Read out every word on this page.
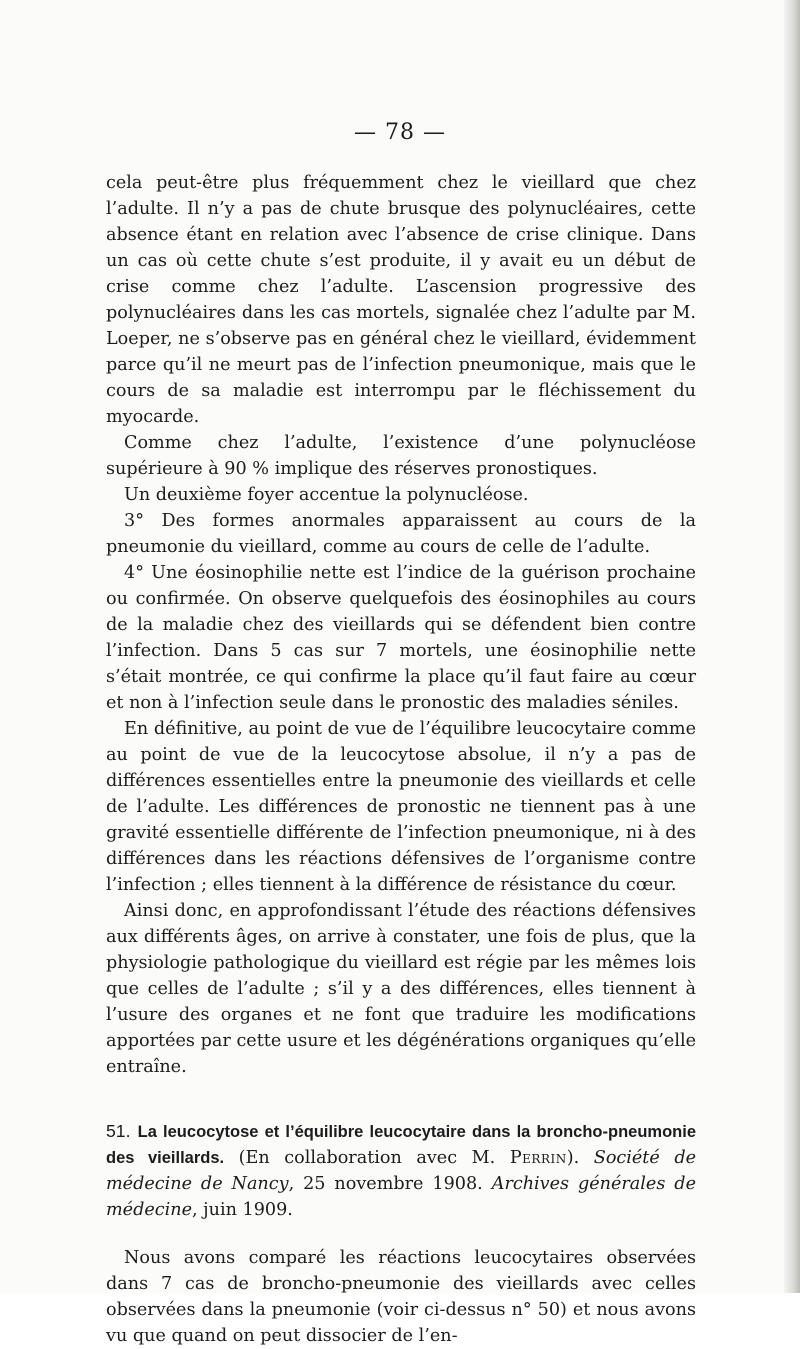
— 78 —

cela peut-être plus fréquemment chez le vieillard que chez l’adulte. Il n’y a pas de chute brusque des polynucléaires, cette absence étant en relation avec l’absence de crise clinique. Dans un cas où cette chute s’est produite, il y avait eu un début de crise comme chez l’adulte. L’ascension progressive des polynucléaires dans les cas mortels, signalée chez l’adulte par M. Loeper, ne s’observe pas en général chez le vieillard, évidemment parce qu’il ne meurt pas de l’infection pneumonique, mais que le cours de sa maladie est interrompu par le fléchissement du myocarde.

Comme chez l’adulte, l’existence d’une polynucléose supérieure à 90 % implique des réserves pronostiques.

Un deuxième foyer accentue la polynucléose.

3° Des formes anormales apparaissent au cours de la pneumonie du vieillard, comme au cours de celle de l’adulte.

4° Une éosinophilie nette est l’indice de la guérison prochaine ou confirmée. On observe quelquefois des éosinophiles au cours de la maladie chez des vieillards qui se défendent bien contre l’infection. Dans 5 cas sur 7 mortels, une éosinophilie nette s’était montrée, ce qui confirme la place qu’il faut faire au cœur et non à l’infection seule dans le pronostic des maladies séniles.

En définitive, au point de vue de l’équilibre leucocytaire comme au point de vue de la leucocytose absolue, il n’y a pas de différences essentielles entre la pneumonie des vieillards et celle de l’adulte. Les différences de pronostic ne tiennent pas à une gravité essentielle différente de l’infection pneumonique, ni à des différences dans les réactions défensives de l’organisme contre l’infection ; elles tiennent à la différence de résistance du cœur.

Ainsi donc, en approfondissant l’étude des réactions défensives aux différents âges, on arrive à constater, une fois de plus, que la physiologie pathologique du vieillard est régie par les mêmes lois que celles de l’adulte ; s’il y a des différences, elles tiennent à l’usure des organes et ne font que traduire les modifications apportées par cette usure et les dégénérations organiques qu’elle entraîne.

51. La leucocytose et l’équilibre leucocytaire dans la broncho-pneumonie des vieillards. (En collaboration avec M. Perrin). Société de médecine de Nancy, 25 novembre 1908. Archives générales de médecine, juin 1909.

Nous avons comparé les réactions leucocytaires observées dans 7 cas de broncho-pneumonie des vieillards avec celles observées dans la pneumonie (voir ci-dessus n° 50) et nous avons vu que quand on peut dissocier de l’en-
